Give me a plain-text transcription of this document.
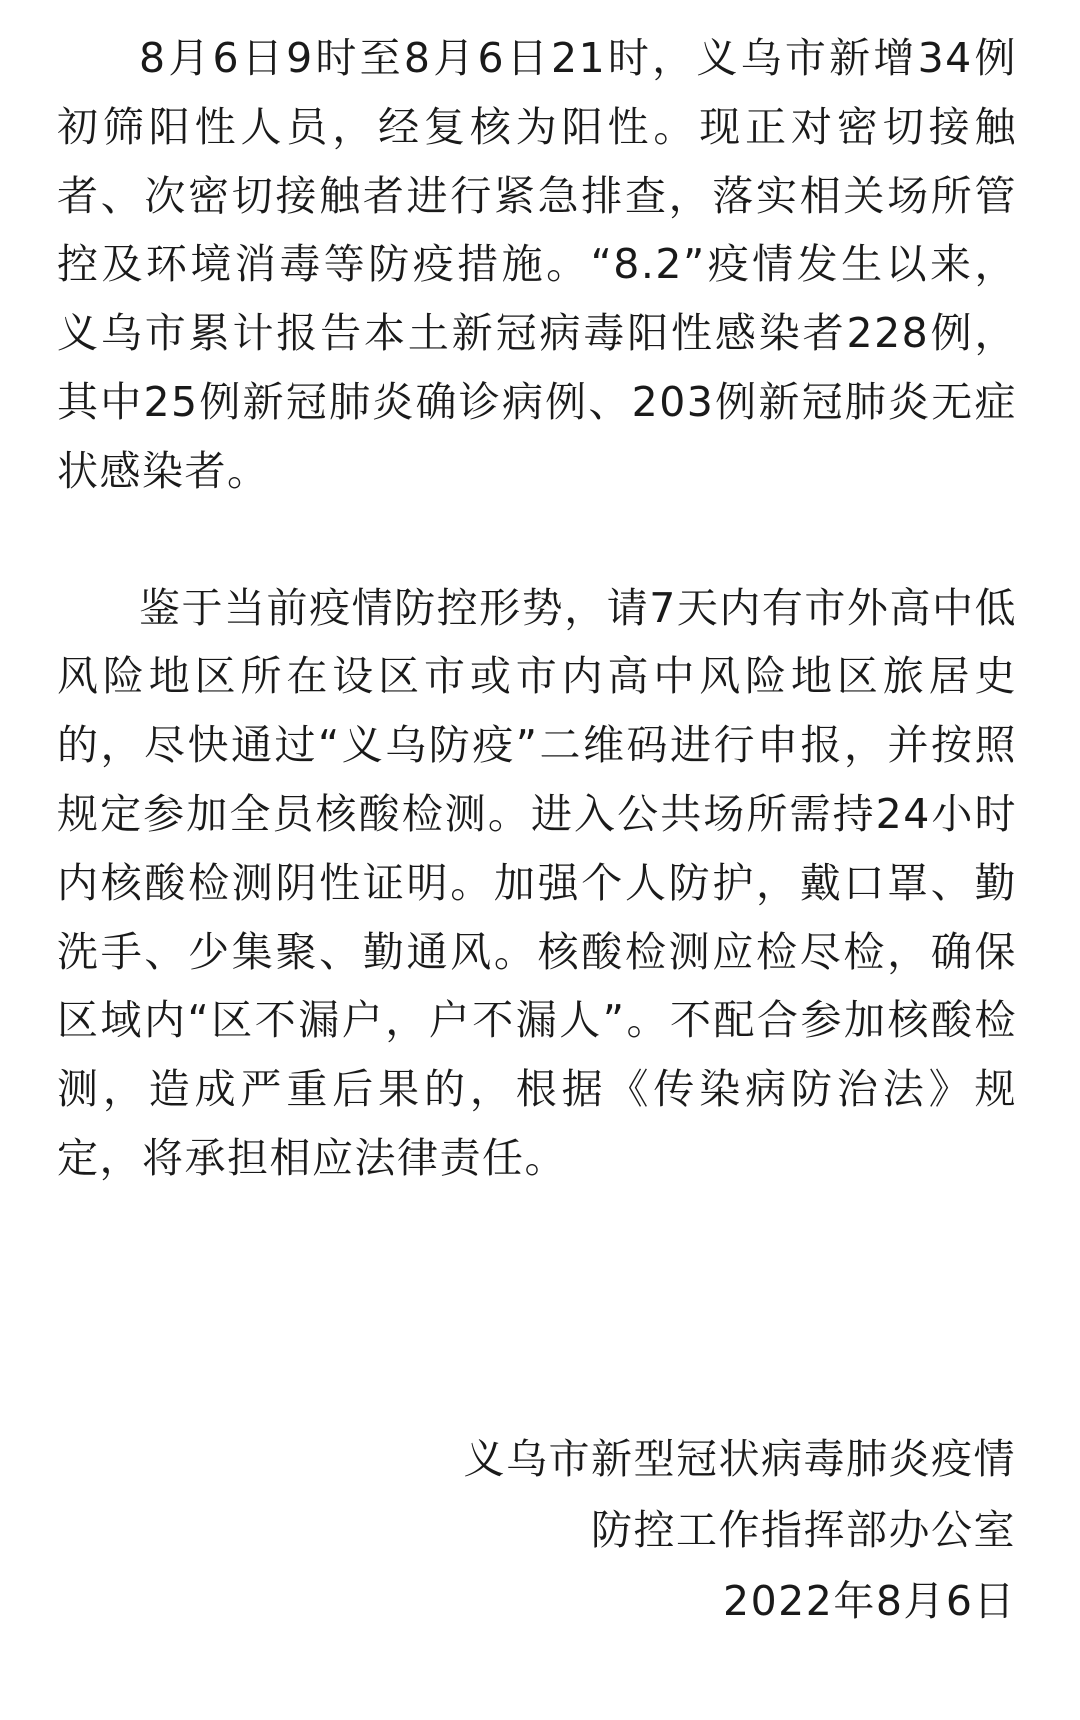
8月6日9时至8月6日21时，义乌市新增34例初筛阳性人员，经复核为阳性。现正对密切接触者、次密切接触者进行紧急排查，落实相关场所管控及环境消毒等防疫措施。“8.2”疫情发生以来，义乌市累计报告本土新冠病毒阳性感染者228例，其中25例新冠肺炎确诊病例、203例新冠肺炎无症状感染者。

鉴于当前疫情防控形势，请7天内有市外高中低风险地区所在设区市或市内高中风险地区旅居史的，尽快通过“义乌防疫”二维码进行申报，并按照规定参加全员核酸检测。进入公共场所需持24小时内核酸检测阴性证明。加强个人防护，戴口罩、勤洗手、少集聚、勤通风。核酸检测应检尽检，确保区域内“区不漏户，户不漏人”。不配合参加核酸检测，造成严重后果的，根据《传染病防治法》规定，将承担相应法律责任。

义乌市新型冠状病毒肺炎疫情
防控工作指挥部办公室
2022年8月6日
